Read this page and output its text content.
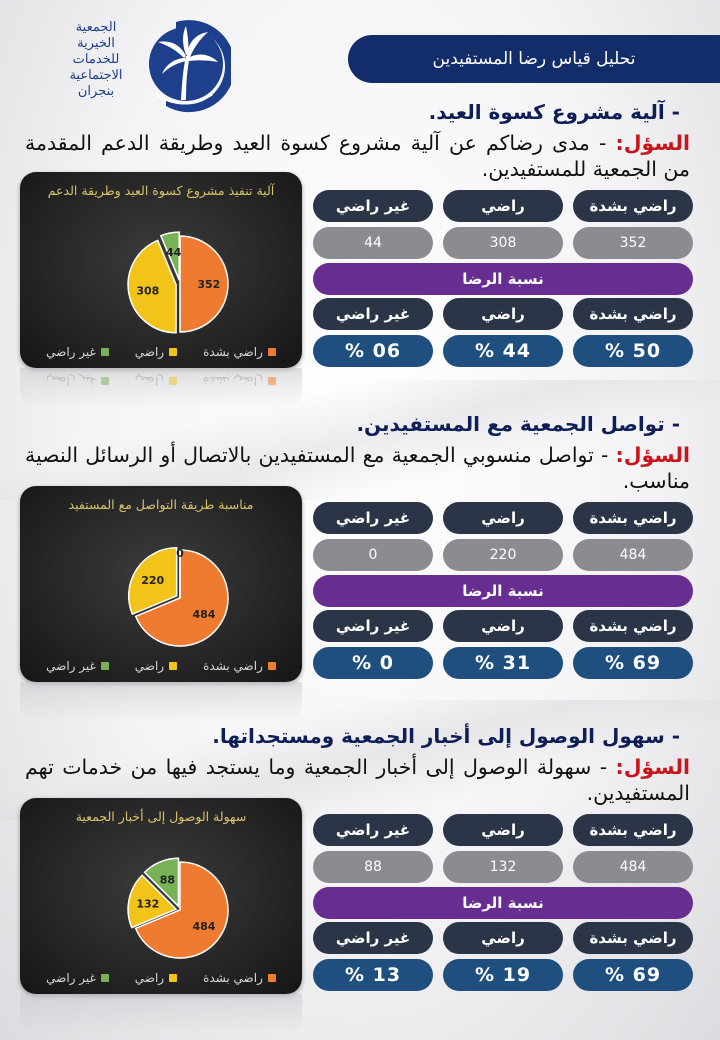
الجمعية
الخيرية
للخدمات
الاجتماعية
بنجران
تحليل قياس رضا المستفيدين
- آلية مشروع كسوة العيد.
السؤل: - مدى رضاكم عن آلية مشروع كسوة العيد وطريقة الدعم المقدمة من الجمعية للمستفيدين.
آلية تنفيذ مشروع كسوة العيد وطريقة الدعم
352
308
44
راضي بشدة
راضي
غير راضي
راضي بشدة
راضي
غير راضي
راضي بشدة
راضي
غير راضي
352
308
44
نسبة الرضا
راضي بشدة
راضي
غير راضي
50 %
44 %
06 %
- تواصل الجمعية مع المستفيدين.
السؤل: - تواصل منسوبي الجمعية مع المستفيدين بالاتصال أو الرسائل النصية مناسب.
مناسبة طريقة التواصل مع المستفيد
484
220
0
راضي بشدة
راضي
غير راضي
راضي بشدة
راضي
غير راضي
484
220
0
نسبة الرضا
راضي بشدة
راضي
غير راضي
69 %
31 %
0 %
- سهول الوصول إلى أخبار الجمعية ومستجداتها.
السؤل: - سهولة الوصول إلى أخبار الجمعية وما يستجد فيها من خدمات تهم المستفيدين.
سهولة الوصول إلى أخبار الجمعية
484
132
88
راضي بشدة
راضي
غير راضي
راضي بشدة
راضي
غير راضي
484
132
88
نسبة الرضا
راضي بشدة
راضي
غير راضي
69 %
19 %
13 %
